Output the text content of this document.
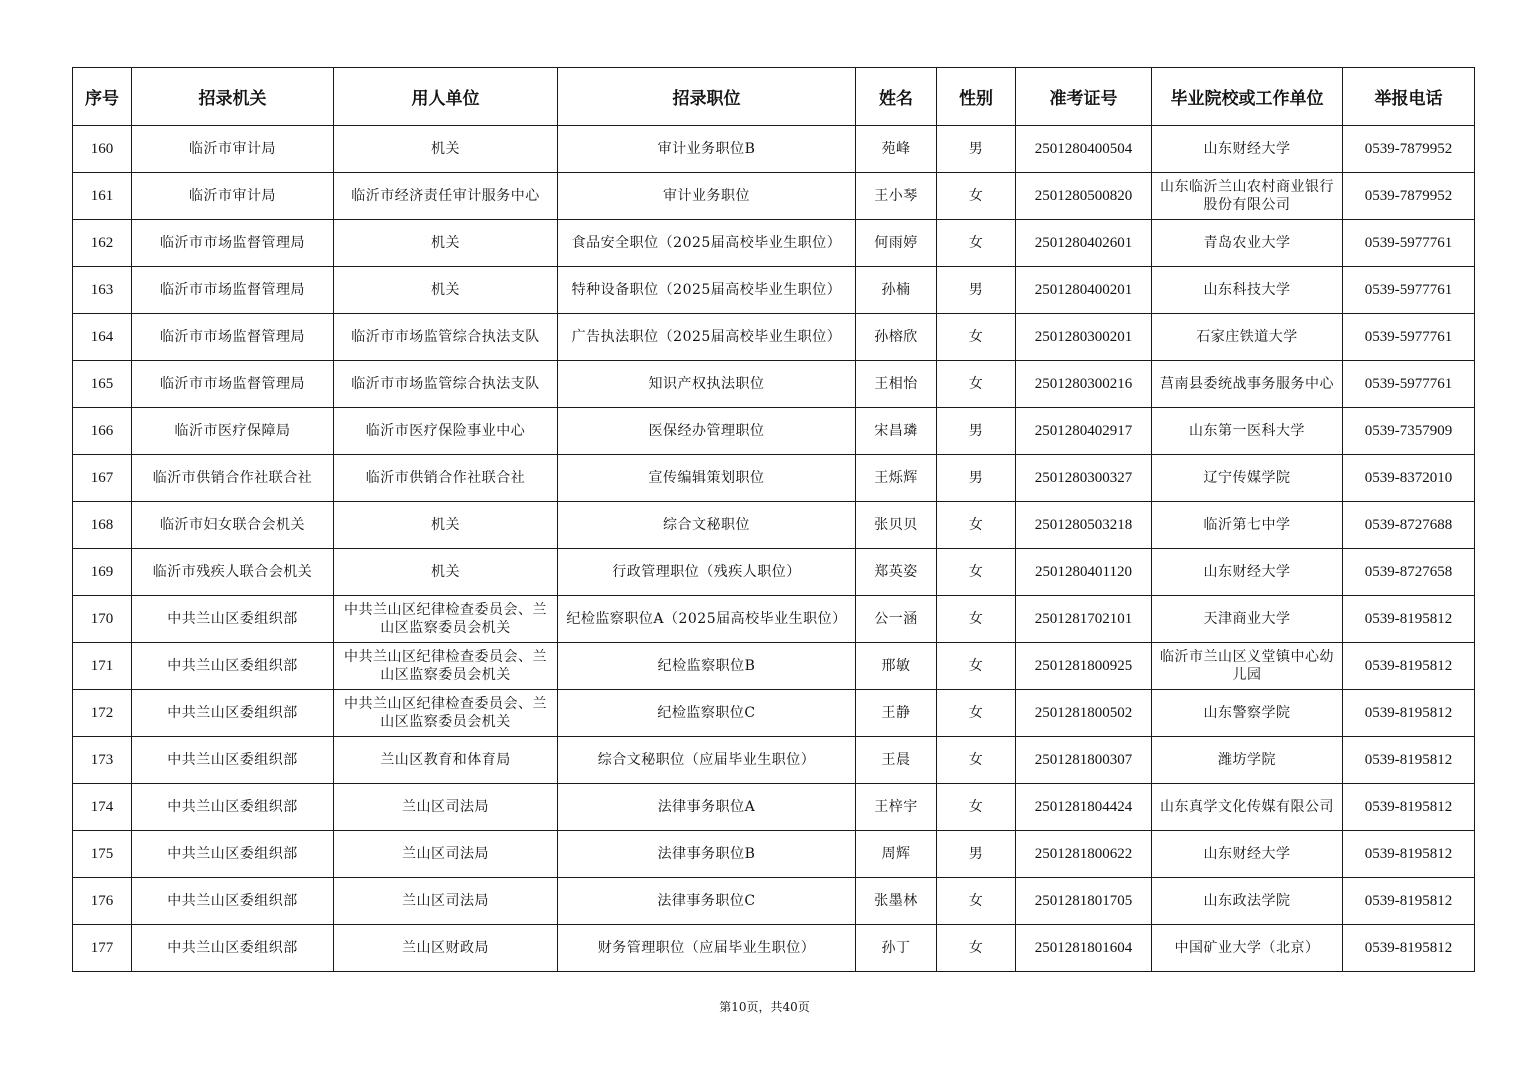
序号	招录机关	用人单位	招录职位	姓名	性别	准考证号	毕业院校或工作单位	举报电话
160	临沂市审计局	机关	审计业务职位B	苑峰	男	2501280400504	山东财经大学	0539-7879952
161	临沂市审计局	临沂市经济责任审计服务中心	审计业务职位	王小琴	女	2501280500820	山东临沂兰山农村商业银行股份有限公司	0539-7879952
162	临沂市市场监督管理局	机关	食品安全职位（2025届高校毕业生职位）	何雨婷	女	2501280402601	青岛农业大学	0539-5977761
163	临沂市市场监督管理局	机关	特种设备职位（2025届高校毕业生职位）	孙楠	男	2501280400201	山东科技大学	0539-5977761
164	临沂市市场监督管理局	临沂市市场监管综合执法支队	广告执法职位（2025届高校毕业生职位）	孙榕欣	女	2501280300201	石家庄铁道大学	0539-5977761
165	临沂市市场监督管理局	临沂市市场监管综合执法支队	知识产权执法职位	王相怡	女	2501280300216	莒南县委统战事务服务中心	0539-5977761
166	临沂市医疗保障局	临沂市医疗保险事业中心	医保经办管理职位	宋昌璘	男	2501280402917	山东第一医科大学	0539-7357909
167	临沂市供销合作社联合社	临沂市供销合作社联合社	宣传编辑策划职位	王烁辉	男	2501280300327	辽宁传媒学院	0539-8372010
168	临沂市妇女联合会机关	机关	综合文秘职位	张贝贝	女	2501280503218	临沂第七中学	0539-8727688
169	临沂市残疾人联合会机关	机关	行政管理职位（残疾人职位）	郑英姿	女	2501280401120	山东财经大学	0539-8727658
170	中共兰山区委组织部	中共兰山区纪律检查委员会、兰山区监察委员会机关	纪检监察职位A（2025届高校毕业生职位）	公一涵	女	2501281702101	天津商业大学	0539-8195812
171	中共兰山区委组织部	中共兰山区纪律检查委员会、兰山区监察委员会机关	纪检监察职位B	邢敏	女	2501281800925	临沂市兰山区义堂镇中心幼儿园	0539-8195812
172	中共兰山区委组织部	中共兰山区纪律检查委员会、兰山区监察委员会机关	纪检监察职位C	王静	女	2501281800502	山东警察学院	0539-8195812
173	中共兰山区委组织部	兰山区教育和体育局	综合文秘职位（应届毕业生职位）	王晨	女	2501281800307	潍坊学院	0539-8195812
174	中共兰山区委组织部	兰山区司法局	法律事务职位A	王梓宇	女	2501281804424	山东真学文化传媒有限公司	0539-8195812
175	中共兰山区委组织部	兰山区司法局	法律事务职位B	周辉	男	2501281800622	山东财经大学	0539-8195812
176	中共兰山区委组织部	兰山区司法局	法律事务职位C	张墨林	女	2501281801705	山东政法学院	0539-8195812
177	中共兰山区委组织部	兰山区财政局	财务管理职位（应届毕业生职位）	孙丁	女	2501281801604	中国矿业大学（北京）	0539-8195812
第10页，共40页
